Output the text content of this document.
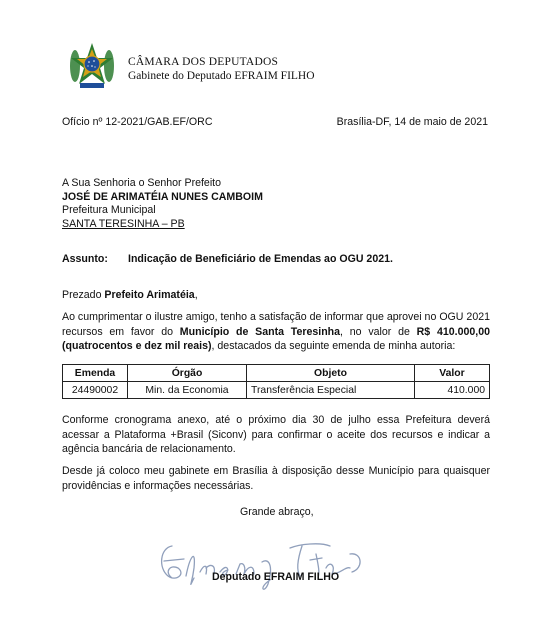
CÂMARA DOS DEPUTADOS
Gabinete do Deputado EFRAIM FILHO
Ofício nº 12-2021/GAB.EF/ORC	Brasília-DF, 14 de maio de 2021
A Sua Senhoria o Senhor Prefeito
JOSÉ DE ARIMATÉIA NUNES CAMBOIM
Prefeitura Municipal
SANTA TERESINHA – PB
Assunto: Indicação de Beneficiário de Emendas ao OGU 2021.
Prezado Prefeito Arimatéia,
Ao cumprimentar o ilustre amigo, tenho a satisfação de informar que aprovei no OGU 2021 recursos em favor do Município de Santa Teresinha, no valor de R$ 410.000,00 (quatrocentos e dez mil reais), destacados da seguinte emenda de minha autoria:
Emenda	Órgão	Objeto	Valor
24490002	Min. da Economia	Transferência Especial	410.000
Conforme cronograma anexo, até o próximo dia 30 de julho essa Prefeitura deverá acessar a Plataforma +Brasil (Siconv) para confirmar o aceite dos recursos e indicar a agência bancária de relacionamento.
Desde já coloco meu gabinete em Brasília à disposição desse Município para quaisquer providências e informações necessárias.
Grande abraço,
Deputado EFRAIM FILHO
